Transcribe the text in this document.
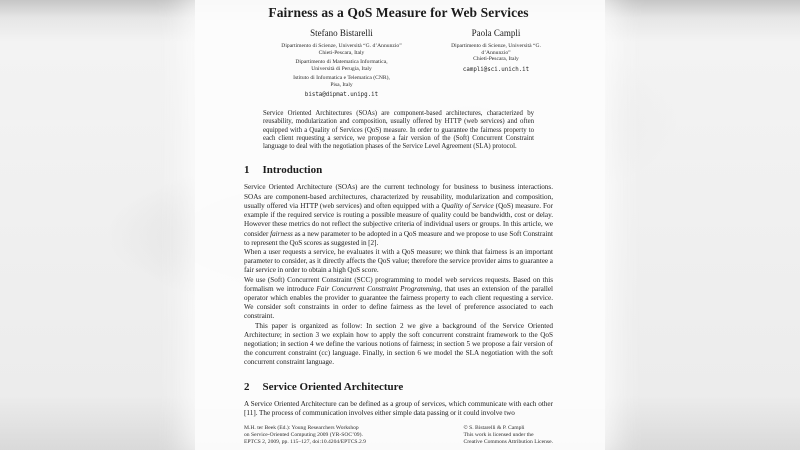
Fairness as a QoS Measure for Web Services
Stefano Bistarelli
Dipartimento di Scienze, Università “G. d’Annunzio”
Chieti-Pescara, Italy
Dipartimento di Matematica Informatica,
Università di Perugia, Italy
Istituto di Informatica e Telematica (CNR),
Pisa, Italy
bista@dipmat.unipg.it
Paola Campli
Dipartimento di Scienze, Università “G. d’Annunzio”
Chieti-Pescara, Italy
campli@sci.unich.it
Service Oriented Architectures (SOAs) are component-based architectures, characterized by reusability, modularization and composition, usually offered by HTTP (web services) and often equipped with a Quality of Services (QoS) measure. In order to guarantee the fairness property to each client requesting a service, we propose a fair version of the (Soft) Concurrent Constraint language to deal with the negotiation phases of the Service Level Agreement (SLA) protocol.
1 Introduction

Service Oriented Architecture (SOAs) are the current technology for business to business interactions. SOAs are component-based architectures, characterized by reusability, modularization and composition, usually offered via HTTP (web services) and often equipped with a Quality of Service (QoS) measure. For example if the required service is routing a possible measure of quality could be bandwidth, cost or delay. However these metrics do not reflect the subjective criteria of individual users or groups. In this article, we consider fairness as a new parameter to be adopted in a QoS measure and we propose to use Soft Constraint to represent the QoS scores as suggested in [2].

When a user requests a service, he evaluates it with a QoS measure; we think that fairness is an important parameter to consider, as it directly affects the QoS value; therefore the service provider aims to guarantee a fair service in order to obtain a high QoS score.

We use (Soft) Concurrent Constraint (SCC) programming to model web services requests. Based on this formalism we introduce Fair Concurrent Constraint Programming, that uses an extension of the parallel operator which enables the provider to guarantee the fairness property to each client requesting a service. We consider soft constraints in order to define fairness as the level of preference associated to each constraint.

This paper is organized as follow: In section 2 we give a background of the Service Oriented Architecture; in section 3 we explain how to apply the soft concurrent constraint framework to the QoS negotiation; in section 4 we define the various notions of fairness; in section 5 we propose a fair version of the concurrent constraint (cc) language. Finally, in section 6 we model the SLA negotiation with the soft concurrent constraint language.

2 Service Oriented Architecture

A Service Oriented Architecture can be defined as a group of services, which communicate with each other [11]. The process of communication involves either simple data passing or it could involve two

M.H. ter Beek (Ed.): Young Researchers Workshop
on Service-Oriented Computing 2009 (YR-SOC’09).
EPTCS 2, 2009, pp. 115–127, doi:10.4204/EPTCS.2.9
© S. Bistarelli & P. Campli
This work is licensed under the
Creative Commons Attribution License.
